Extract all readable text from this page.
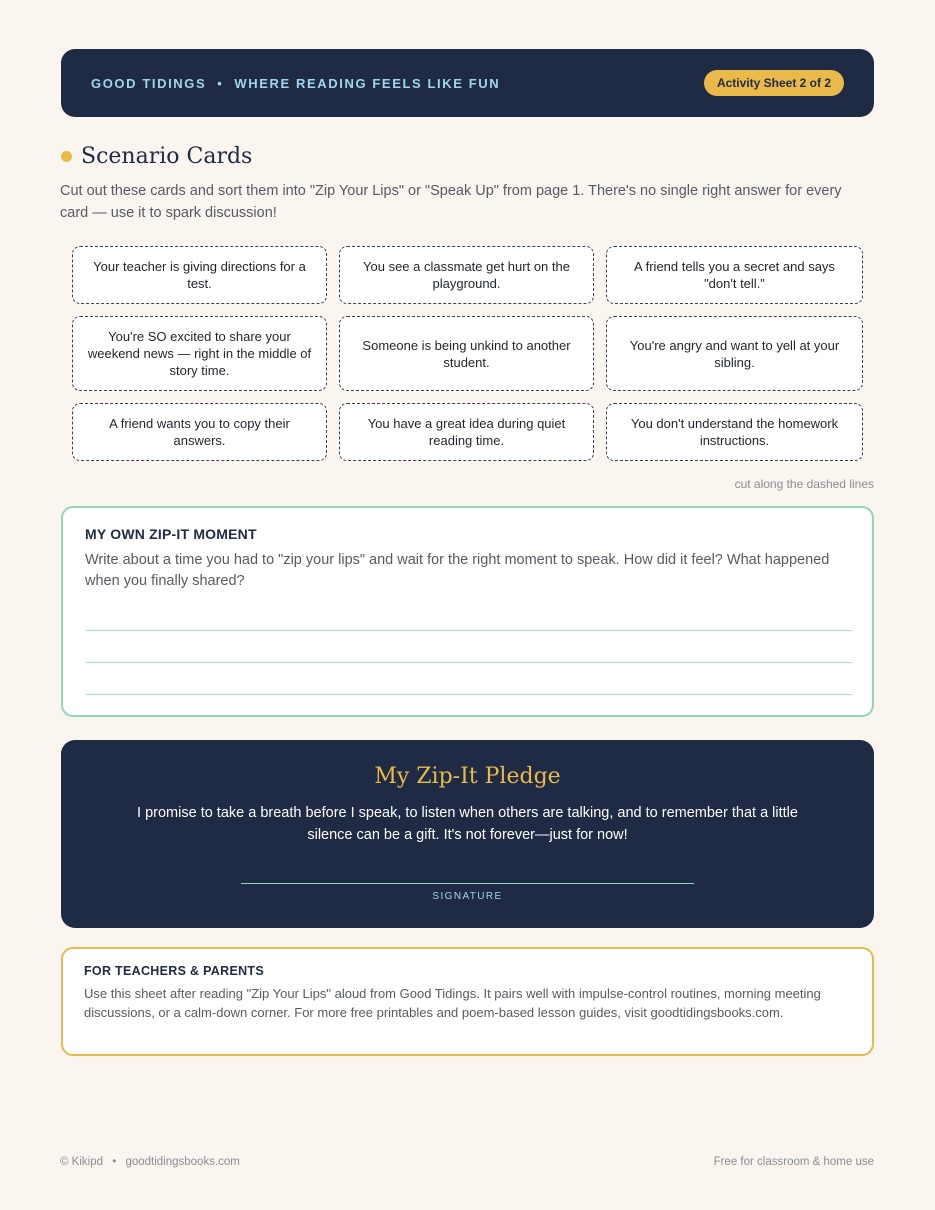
GOOD TIDINGS • WHERE READING FEELS LIKE FUN	Activity Sheet 2 of 2
Scenario Cards
Cut out these cards and sort them into "Zip Your Lips" or "Speak Up" from page 1. There's no single right answer for every card — use it to spark discussion!
Your teacher is giving directions for a test.
You see a classmate get hurt on the playground.
A friend tells you a secret and says "don't tell."
You're SO excited to share your weekend news — right in the middle of story time.
Someone is being unkind to another student.
You're angry and want to yell at your sibling.
A friend wants you to copy their answers.
You have a great idea during quiet reading time.
You don't understand the homework instructions.
cut along the dashed lines
MY OWN ZIP-IT MOMENT

Write about a time you had to "zip your lips" and wait for the right moment to speak. How did it feel? What happened when you finally shared?

My Zip-It Pledge

I promise to take a breath before I speak, to listen when others are talking, and to remember that a little silence can be a gift. It's not forever—just for now!

SIGNATURE
FOR TEACHERS & PARENTS

Use this sheet after reading "Zip Your Lips" aloud from Good Tidings. It pairs well with impulse-control routines, morning meeting discussions, or a calm-down corner. For more free printables and poem-based lesson guides, visit goodtidingsbooks.com.

© Kikipd • goodtidingsbooks.com	Free for classroom & home use
